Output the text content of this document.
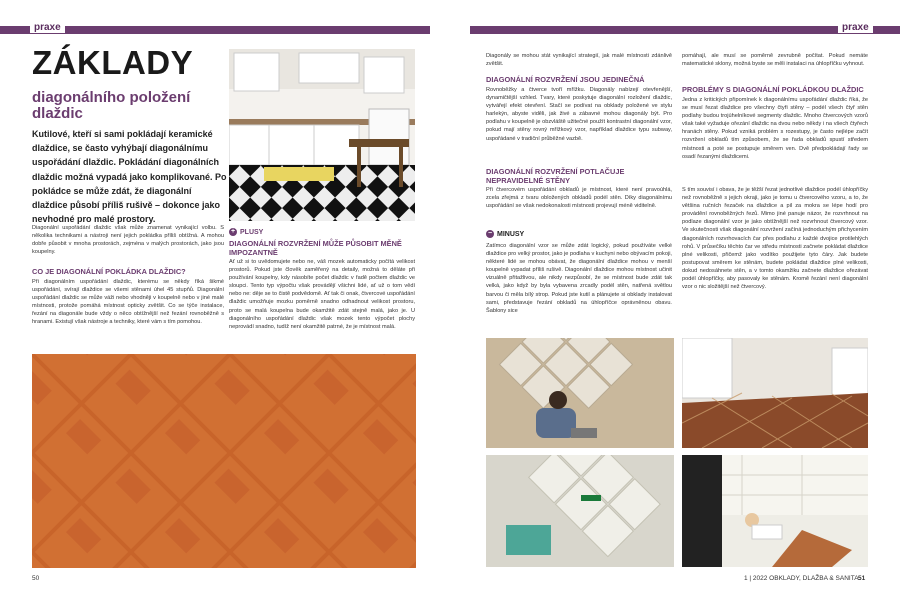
praxe	praxe
ZÁKLADY
diagonálního položení dlaždic
Kutilové, kteří si sami pokládají keramické dlaždice, se často vyhýbají diagonálnímu uspořádání dlaždic. Pokládání diagonálních dlaždic možná vypadá jako komplikované. Po pokládce se může zdát, že diagonální dlaždice působí příliš rušivě – dokonce jako nevhodné pro malé prostory.
Diagonální uspořádání dlaždic však může znamenat vynikající volbu. S několika technikami a nástroji není jejich pokládka příliš obtížná. A mohou dobře působit v mnoha prostorách, zejména v malých prostorách, jako jsou koupelny.
CO JE DIAGONÁLNÍ POKLÁDKA DLAŽDIC?
Při diagonálním uspořádání dlaždic, kterému se někdy říká šikmé uspořádání, svírají dlaždice se všemi stěnami úhel 45 stupňů. Diagonální uspořádání dlaždic se může váži nebo vhodněji v koupelně nebo v jiné malé místnosti, protože pomáhá místnost opticky zvětšit. Co se týče instalace, řezání na diagonále bude vždy o něco obtížnější než řezání rovnoběžně s hranami. Existují však nástroje a techniky, které vám s tím pomohou.
+ PLUSY
DIAGONÁLNÍ ROZVRŽENÍ MŮŽE PŮSOBIT MĚNĚ IMPOZANTNĚ
Ať už si to uvědomujete nebo ne, váš mozek automaticky počítá velikost prostorů. Pokud jste člověk zaměřený na detaily, možná to děláte při používání koupelny, kdy násobíte počet dlaždic v řadě počtem dlaždic ve sloupci. Tento typ výpočtu však provádějí všichni lidé, ať už o tom vědí nebo ne: děje se to čistě podvědomě. Ať tak či onak, čtvercové uspořádání dlaždic umožňuje mozku poměrně snadno odhadnout velikost prostoru, proto se malá koupelna bude okamžitě zdát stejně malá, jako je. U diagonálního uspořádání dlaždic však mozek tento výpočet plochy neprovádí snadno, tudíž není okamžitě patrné, že je místnost malá.
Diagonály se mohou stát vynikající strategií, jak malé místnosti zdánlivě zvětšit.
DIAGONÁLNÍ ROZVRŽENÍ JSOU JEDINEČNÁ
Rovnoběžky a čtverce tvoří mřížku. Diagonály nabízejí otevřenější, dynamičtější vzhled. Tvary, které poskytuje diagonální rozložení dlaždic, vytvářejí efekt otevření. Stačí se podívat na obklady položené ve stylu harlekýn, abyste viděli, jak živé a zábavné mohou diagonály být. Pro podlahu v koupelně je obzvláště užitečné použít kontrastní diagonální vzor, pokud mají stěny rovný mřížkový vzor, například dlaždice typu subway, uspořádané v tradiční průběžné vazbě.
DIAGONÁLNÍ ROZVRŽENÍ POTLAČUJE NEPRAVIDELNÉ STĚNY
Při čtvercovém uspořádání obkladů je místnost, které není pravoúhlá, zcela zřejmá z tvaru obložených obkladů podél stěn. Díky diagonálnímu uspořádání se však nedokonalosti místnosti projevují méně viditelně.
− MINUSY
Zatímco diagonální vzor se může zdát logický, pokud používáte velké dlaždice pro velký prostor, jako je podlaha v kuchyni nebo obývacím pokoji, některé lidé se mohou obávat, že diagonální dlaždice mohou v menší koupelně vypadat příliš rušivě. Diagonální dlaždice mohou místnost učinit vizuálně přitažlivou, ale nikdy nezpůsobí, že se místnost bude zdát tak velká, jako když by byla vybavena zrcadly podél stěn, natřená světlou barvou či měla bílý strop. Pokud jste kutil a plánujete si obklady instalovat sami, představuje řezání obkladů na úhlopříčce oprávněnou obavu. Šablony sice
pomáhají, ale musí se poměrně zevrubně počítat. Pokud nemáte matematické sklony, možná byste se měli instalaci na úhlopříčku vyhnout.
PROBLÉMY S DIAGONÁLNÍ POKLÁDKOU DLAŽDIC
Jedna z kritických připomínek k diagonálnímu uspořádání dlaždic říká, že se musí řezat dlaždice pro všechny čtyři stěny – podél všech čtyř stěn podlahy budou trojúhelníkové segmenty dlaždic. Mnoho čtvercových vzorů však také vyžaduje ořezání dlaždic na dvou nebo někdy i na všech čtyřech hranách stěny. Pokud vzniká problém s rozestupy, je často nejlépe začít rozvržení obkladů tím způsobem, že se řada obkladů spustí středem místnosti a poté se postupuje směrem ven. Dvě předpokládají řady se osadí řezanými dlaždicemi.
S tím souvisí i obava, že je těžší řezat jednotlivé dlaždice podél úhlopříčky než rovnoběžně s jejich okraji, jako je tomu u čtvercového vzoru, a to, že většina ručních řezaček na dlaždice a pil za mokra se lépe hodí pro provádění rovnoběžných řezů. Mimo jiné panuje názor, že rozvrhnout na podlaze diagonální vzor je jako obtížnější než rozvrhnout čtvercový vzor. Ve skutečnosti však diagonální rozvržení začíná jednoduchým přichycením diagonálních rozvrhovacích čar přes podlahu z každé dvojice protilehlých rohů. V průsečíku těchto čar ve středu místnosti začnete pokládat dlaždice plné velikosti, přičemž jako vodítko použijete tyto čáry. Jak budete postupovat směrem ke stěnám, budete pokládat dlaždice plné velikosti, dokud nedosáhnete stěn, a v tomto okamžiku začnete dlaždice ořezávat podél úhlopříčky, aby pasovaly ke stěnám. Kromě řezání není diagonální vzor o nic složitější než čtvercový.
50	1 | 2022 OBKLADY, DLAŽBA & SANITA 51
